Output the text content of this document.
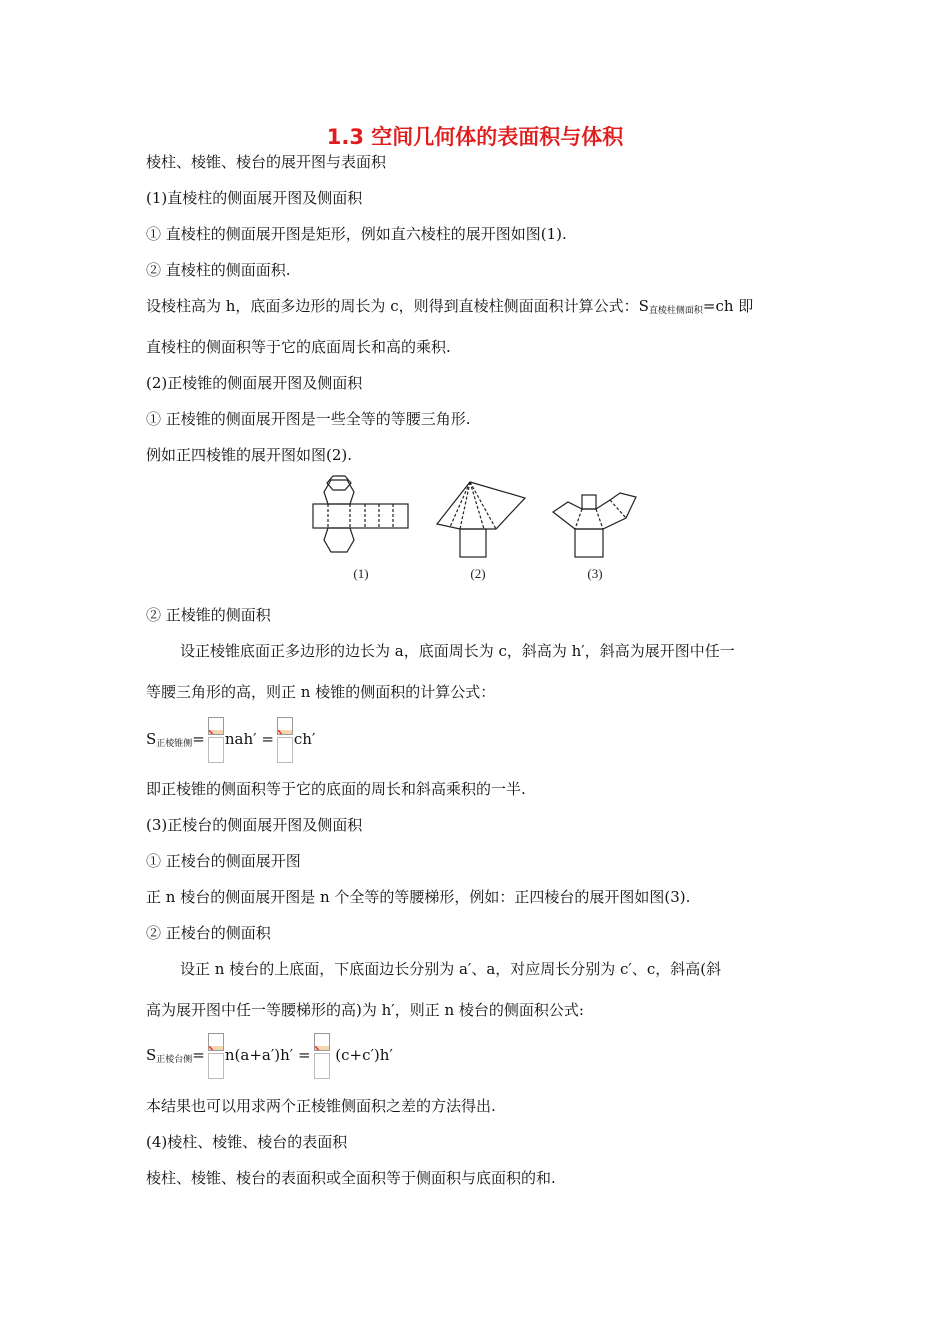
1.3 空间几何体的表面积与体积
棱柱、棱锥、棱台的展开图与表面积
(1)直棱柱的侧面展开图及侧面积
① 直棱柱的侧面展开图是矩形，例如直六棱柱的展开图如图(1).
② 直棱柱的侧面面积.
设棱柱高为 h，底面多边形的周长为 c，则得到直棱柱侧面面积计算公式：$S_{直棱柱侧面积}=ch$ 即
直棱柱的侧面积等于它的底面周长和高的乘积.
(2)正棱锥的侧面展开图及侧面积
① 正棱锥的侧面展开图是一些全等的等腰三角形.
例如正四棱锥的展开图如图(2).
(1)	(2)	(3)
② 正棱锥的侧面积
设正棱锥底面正多边形的边长为 a，底面周长为 c，斜高为 h′，斜高为展开图中任一
等腰三角形的高，则正 n 棱锥的侧面积的计算公式：
$S_{正棱锥侧}= nah' = ch'$
即正棱锥的侧面积等于它的底面的周长和斜高乘积的一半.
(3)正棱台的侧面展开图及侧面积
① 正棱台的侧面展开图
正 n 棱台的侧面展开图是 n 个全等的等腰梯形，例如：正四棱台的展开图如图(3).
② 正棱台的侧面积
设正 n 棱台的上底面，下底面边长分别为 a′、a，对应周长分别为 c′、c，斜高(斜
高为展开图中任一等腰梯形的高)为 h′，则正 n 棱台的侧面积公式:
$S_{正棱台侧}= n(a+a')h'$ =
(c+c′)h′
本结果也可以用求两个正棱锥侧面积之差的方法得出.
(4)棱柱、棱锥、棱台的表面积
棱柱、棱锥、棱台的表面积或全面积等于侧面积与底面积的和.
